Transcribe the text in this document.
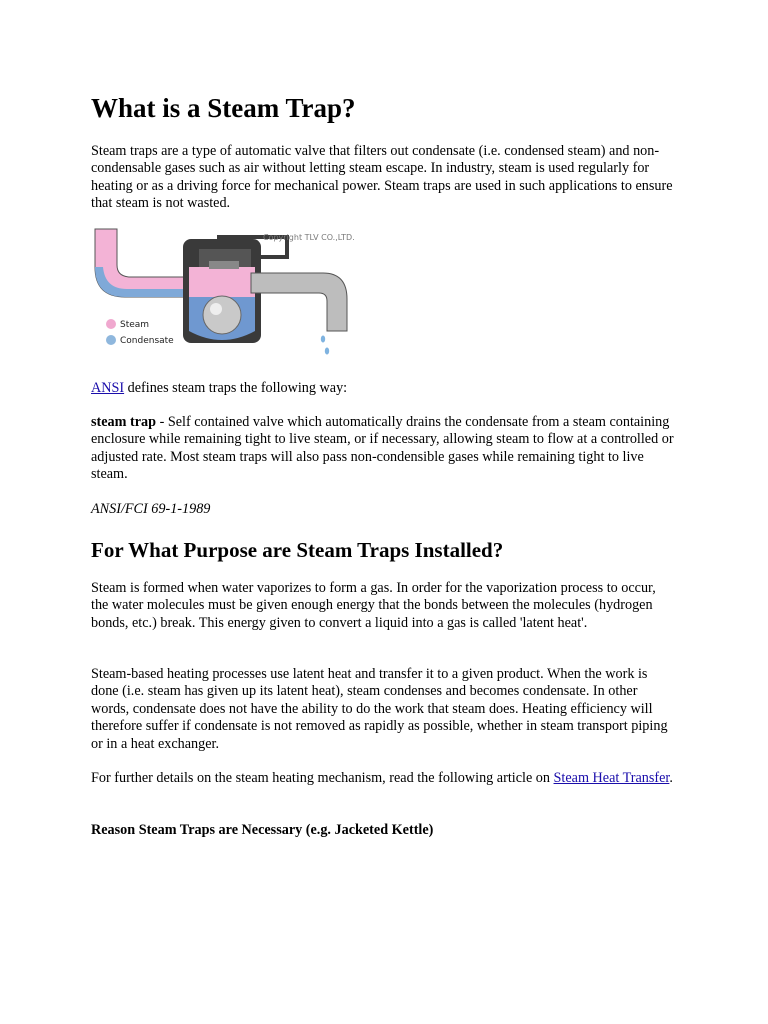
What is a Steam Trap?

Steam traps are a type of automatic valve that filters out condensate (i.e. condensed steam) and non-condensable gases such as air without letting steam escape. In industry, steam is used regularly for heating or as a driving force for mechanical power. Steam traps are used in such applications to ensure that steam is not wasted.

Copyright TLV CO.,LTD.
Steam
Condensate

ANSI defines steam traps the following way:

steam trap - Self contained valve which automatically drains the condensate from a steam containing enclosure while remaining tight to live steam, or if necessary, allowing steam to flow at a controlled or adjusted rate. Most steam traps will also pass non-condensible gases while remaining tight to live steam.

ANSI/FCI 69-1-1989

For What Purpose are Steam Traps Installed?

Steam is formed when water vaporizes to form a gas. In order for the vaporization process to occur, the water molecules must be given enough energy that the bonds between the molecules (hydrogen bonds, etc.) break. This energy given to convert a liquid into a gas is called 'latent heat'.

Steam-based heating processes use latent heat and transfer it to a given product. When the work is done (i.e. steam has given up its latent heat), steam condenses and becomes condensate. In other words, condensate does not have the ability to do the work that steam does. Heating efficiency will therefore suffer if condensate is not removed as rapidly as possible, whether in steam transport piping or in a heat exchanger.

For further details on the steam heating mechanism, read the following article on Steam Heat Transfer.

Reason Steam Traps are Necessary (e.g. Jacketed Kettle)
